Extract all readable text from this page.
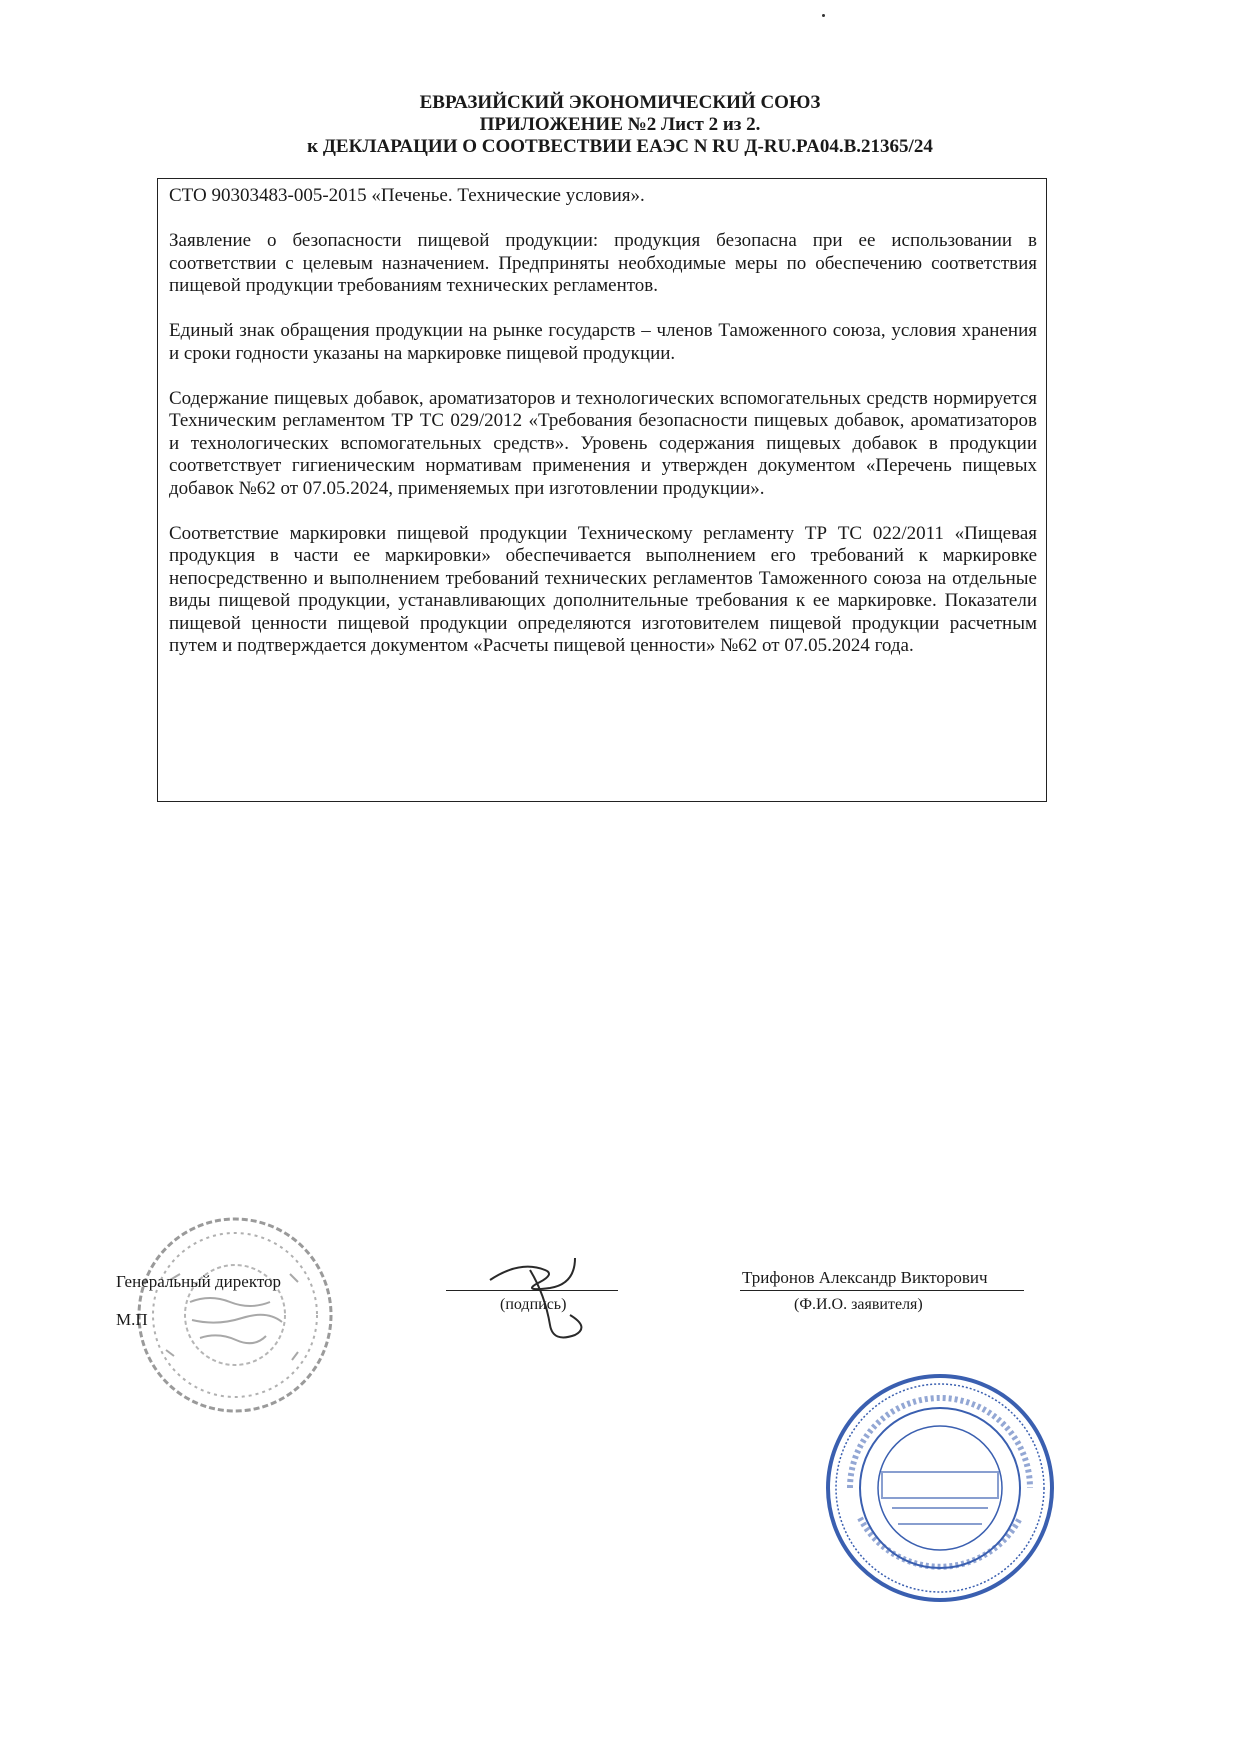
ЕВРАЗИЙСКИЙ ЭКОНОМИЧЕСКИЙ СОЮЗ
ПРИЛОЖЕНИЕ №2 Лист 2 из 2.
к ДЕКЛАРАЦИИ О СООТВЕСТВИИ ЕАЭС N RU Д-RU.PA04.B.21365/24

СТО 90303483-005-2015 «Печенье. Технические условия».

Заявление о безопасности пищевой продукции: продукция безопасна при ее использовании в соответствии с целевым назначением. Предприняты необходимые меры по обеспечению соответствия пищевой продукции требованиям технических регламентов.

Единый знак обращения продукции на рынке государств – членов Таможенного союза, условия хранения и сроки годности указаны на маркировке пищевой продукции.

Содержание пищевых добавок, ароматизаторов и технологических вспомогательных средств нормируется Техническим регламентом ТР ТС 029/2012 «Требования безопасности пищевых добавок, ароматизаторов и технологических вспомогательных средств». Уровень содержания пищевых добавок в продукции соответствует гигиеническим нормативам применения и утвержден документом «Перечень пищевых добавок №62 от 07.05.2024, применяемых при изготовлении продукции».

Соответствие маркировки пищевой продукции Техническому регламенту ТР ТС 022/2011 «Пищевая продукция в части ее маркировки» обеспечивается выполнением его требований к маркировке непосредственно и выполнением требований технических регламентов Таможенного союза на отдельные виды пищевой продукции, устанавливающих дополнительные требования к ее маркировке. Показатели пищевой ценности пищевой продукции определяются изготовителем пищевой продукции расчетным путем и подтверждается документом «Расчеты пищевой ценности» №62 от 07.05.2024 года.

Генеральный директор
М.П
(подпись)
Трифонов Александр Викторович
(Ф.И.О. заявителя)
